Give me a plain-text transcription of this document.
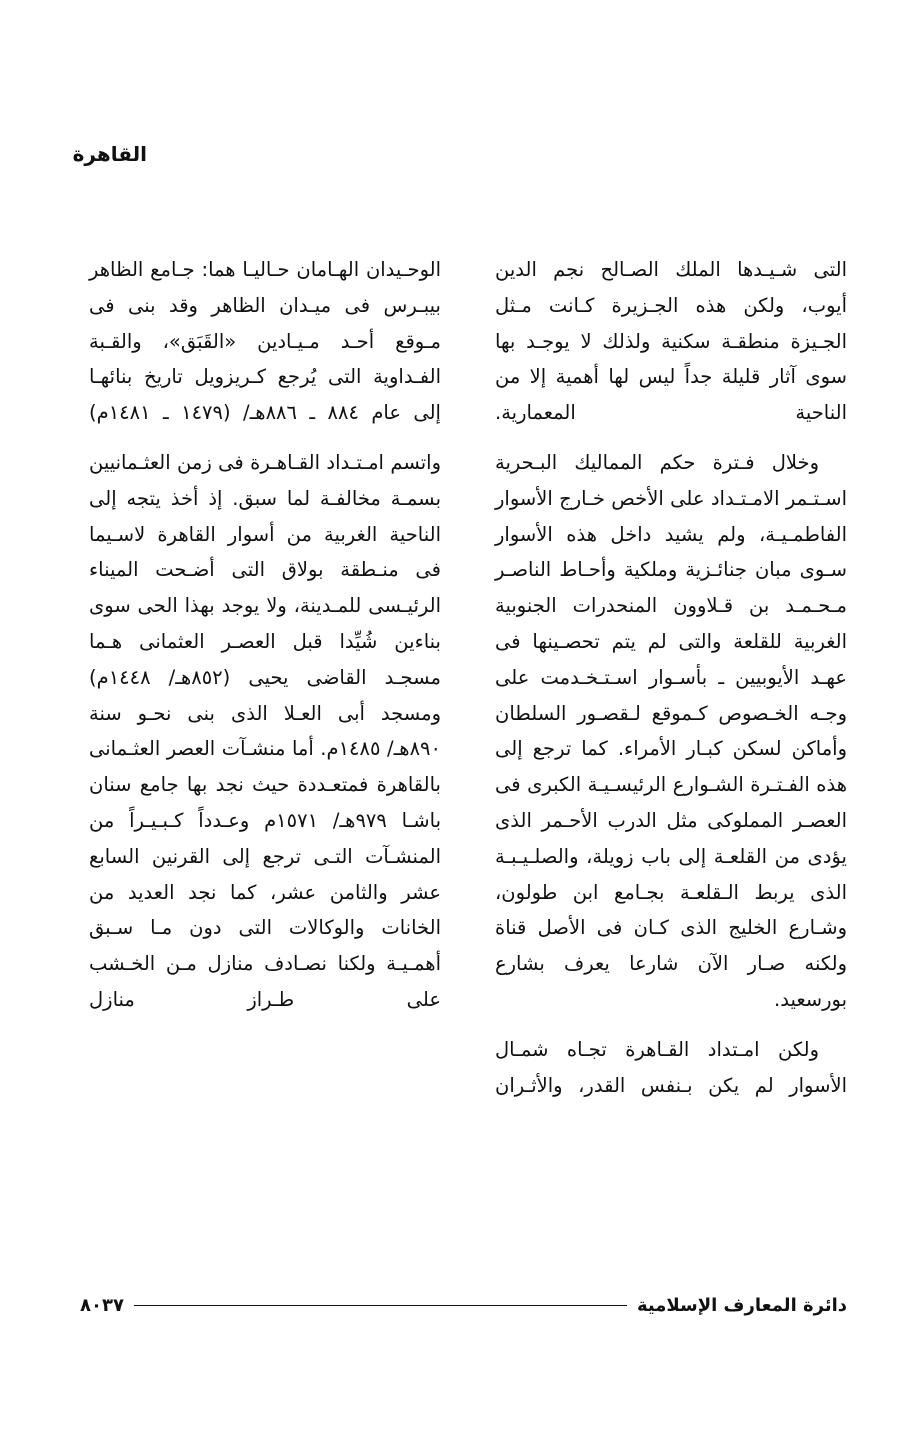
القاهرة

التى شـيـدها الملك الصـالح نجم الدين أيوب، ولكن هذه الجـزيرة كـانت مـثل الجـيزة منطقـة سكنية ولذلك لا يوجـد بها سوى آثار قليلة جداً ليس لها أهمية إلا من الناحية المعمارية.

وخلال فـترة حكم المماليك البـحرية اسـتـمر الامـتـداد على الأخص خـارج الأسوار الفاطمـيـة، ولم يشيد داخل هذه الأسوار سـوى مبان جنائـزية وملكية وأحـاط الناصـر مـحـمـد بن قـلاوون المنحدرات الجنوبية الغربية للقلعة والتى لم يتم تحصـينها فى عهـد الأيوبيين ـ بأسـوار اسـتـخـدمت على وجـه الخـصوص كـموقع لـقصـور السلطان وأماكن لسكن كبـار الأمراء. كما ترجع إلى هذه الفـتـرة الشـوارع الرئيسـيـة الكبرى فى العصـر المملوكى مثل الدرب الأحـمر الذى يؤدى من القلعـة إلى باب زويلة، والصلـيـبـة الذى يربط الـقلعـة بجـامع ابن طولون، وشـارع الخليج الذى كـان فى الأصل قناة ولكنه صـار الآن شارعا يعرف بشارع بورسعيد.

ولكن امـتداد القـاهرة تجـاه شمـال الأسوار لم يكن بـنفس القدر، والأثـران

الوحـيدان الهـامان حـاليـا هما: جـامع الظاهر بيبـرس فى ميـدان الظاهر وقد بنى فى مـوقع أحـد مـيـادين «القَبَق»، والقـبة الفـداوية التى يُرجع كـريزويل تاريخ بنائهـا إلى عام ٨٨٤ ـ ٨٨٦هـ/ (١٤٧٩ ـ ١٤٨١م)

واتسم امـتـداد القـاهـرة فى زمن العثـمانيين بسمـة مخالفـة لما سبق. إذ أخذ يتجه إلى الناحية الغربية من أسوار القاهرة لاسـيما فى منـطقة بولاق التى أضـحت الميناء الرئيـسى للمـدينة، ولا يوجد بهذا الحى سوى بناءين شُيِّدا قبل العصـر العثمانى هـما مسجـد القاضى يحيى (٨٥٢هـ/ ١٤٤٨م) ومسجد أبى العـلا الذى بنى نحـو سنة ٨٩٠هـ/ ١٤٨٥م. أما منشـآت العصر العثـمانى بالقاهرة فمتعـددة حيث نجد بها جامع سنان باشـا ٩٧٩هـ/ ١٥٧١م وعـدداً كـبـيـراً من المنشـآت التـى ترجع إلى القرنين السابع عشر والثامن عشر، كما نجد العديد من الخانات والوكالات التى دون مـا سـبق أهمـيـة ولكنا نصـادف منازل مـن الخـشب على طـراز منازل

دائرة المعارف الإسلامية
٨٠٣٧
